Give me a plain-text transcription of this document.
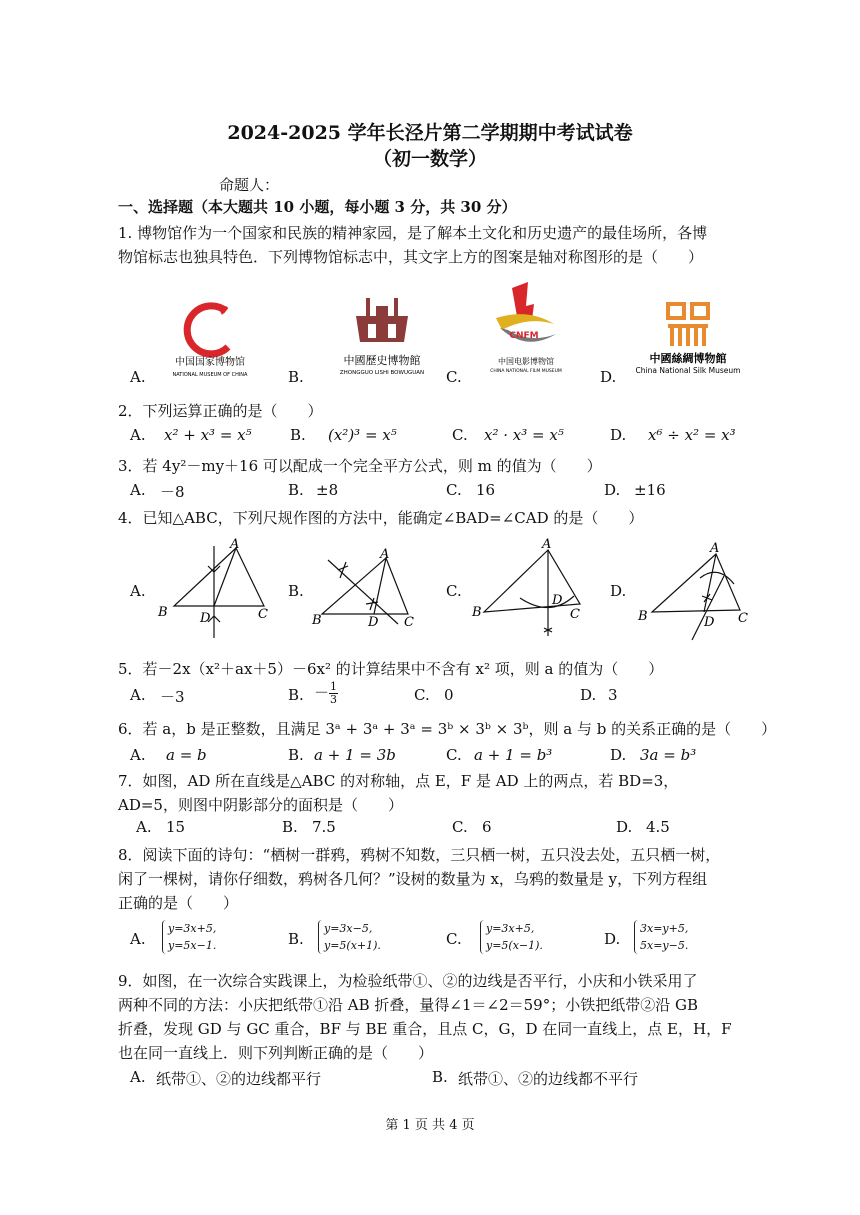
2024-2025 学年长泾片第二学期期中考试试卷
（初一数学）
命题人：
一、选择题（本大题共 10 小题，每小题 3 分，共 30 分）
1. 博物馆作为一个国家和民族的精神家园，是了解本土文化和历史遗产的最佳场所，各博
物馆标志也独具特色．下列博物馆标志中，其文字上方的图案是轴对称图形的是（　　）
A.
中国国家博物馆
NATIONAL MUSEUM OF CHINA	B.
中國歷史博物館
ZHONGGUO LISHI BOWUGUAN C.
CNFM
中国电影博物馆
CHINA NATIONAL FILM MUSEUM	D.
中國絲綢博物館
China National Silk Museum
2．下列运算正确的是（　　）
A. x² + x³ = x⁵	B. (x²)³ = x⁵	C. x² · x³ = x⁵	D. x⁶ ÷ x² = x³
3．若 4y²－my＋16 可以配成一个完全平方公式，则 m 的值为（　　）
A. －8	B. ±8	C. 16	D. ±16
4．已知△ABC，下列尺规作图的方法中，能确定∠BAD=∠CAD 的是（　　）
A.
A
B	C
D
B.
A
B	C
D
C.
A
B	C
D
D.
A
B	C
D
5．若－2x（x²＋ax＋5）－6x² 的计算结果中不含有 x² 项，则 a 的值为（　　）
A. －3	B. － $\frac{1}{3}$	C. 0	D. 3
6．若 a，b 是正整数，且满足 3ᵃ + 3ᵃ + 3ᵃ = 3ᵇ × 3ᵇ × 3ᵇ，则 a 与 b 的关系正确的是（　　）
A. a = b	B. a + 1 = 3b	C. a + 1 = b³	D. 3a = b³
7．如图，AD 所在直线是△ABC 的对称轴，点 E，F 是 AD 上的两点，若 BD=3，
AD=5，则图中阴影部分的面积是（　　）
A. 15	B. 7.5	C. 6	D. 4.5
8．阅读下面的诗句：“栖树一群鸦，鸦树不知数，三只栖一树，五只没去处，五只栖一树，
闲了一棵树，请你仔细数，鸦树各几何？”设树的数量为 x，乌鸦的数量是 y，下列方程组
正确的是（　　）
A.
y=3x+5,
y=5x−1.	B.
y=3x−5,
y=5(x+1).	C.
y=3x+5,
y=5(x−1).	D.
3x=y+5,
5x=y−5.
9．如图，在一次综合实践课上，为检验纸带①、②的边线是否平行，小庆和小铁采用了
两种不同的方法：小庆把纸带①沿 AB 折叠，量得∠1＝∠2＝59°；小铁把纸带②沿 GB
折叠，发现 GD 与 GC 重合，BF 与 BE 重合，且点 C，G，D 在同一直线上，点 E，H，F
也在同一直线上．则下列判断正确的是（　　）
A. 纸带①、②的边线都平行	B. 纸带①、②的边线都不平行
第 1 页 共 4 页
